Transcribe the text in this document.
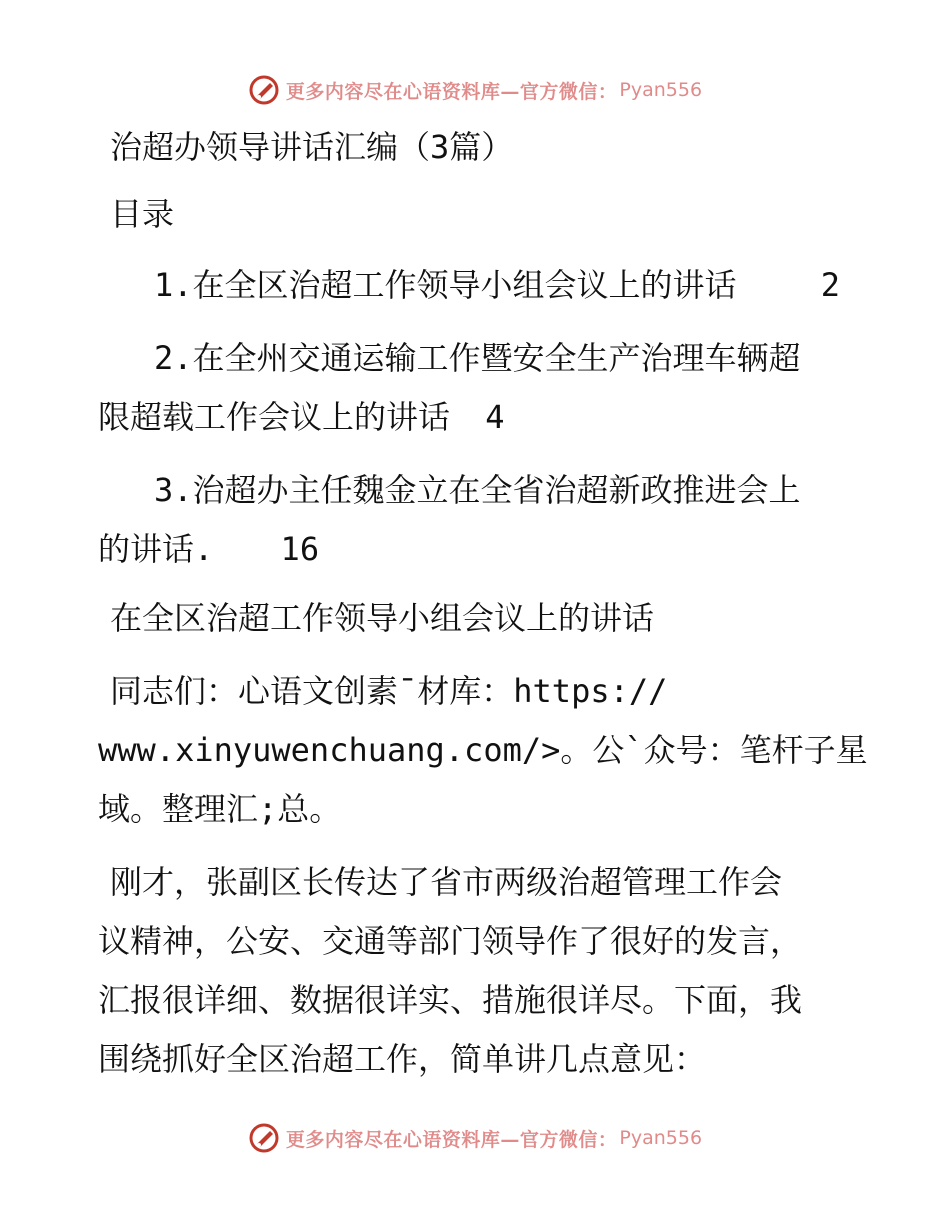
更多内容尽在心语资料库—官方微信： Pyan556
治超办领导讲话汇编（3篇）
目录
1.在全区治超工作领导小组会议上的讲话	2
2.在全州交通运输工作暨安全生产治理车辆超
限超载工作会议上的讲话 4
3.治超办主任魏金立在全省治超新政推进会上
的讲话. 16
在全区治超工作领导小组会议上的讲话
同志们：心语文创素¯材库：https://
www.xinyuwenchuang.com/>。公`众号：笔杆子星
域。整理汇;总。
刚才，张副区长传达了省市两级治超管理工作会
议精神，公安、交通等部门领导作了很好的发言，
汇报很详细、数据很详实、措施很详尽。下面，我
围绕抓好全区治超工作，简单讲几点意见：
更多内容尽在心语资料库—官方微信： Pyan556
